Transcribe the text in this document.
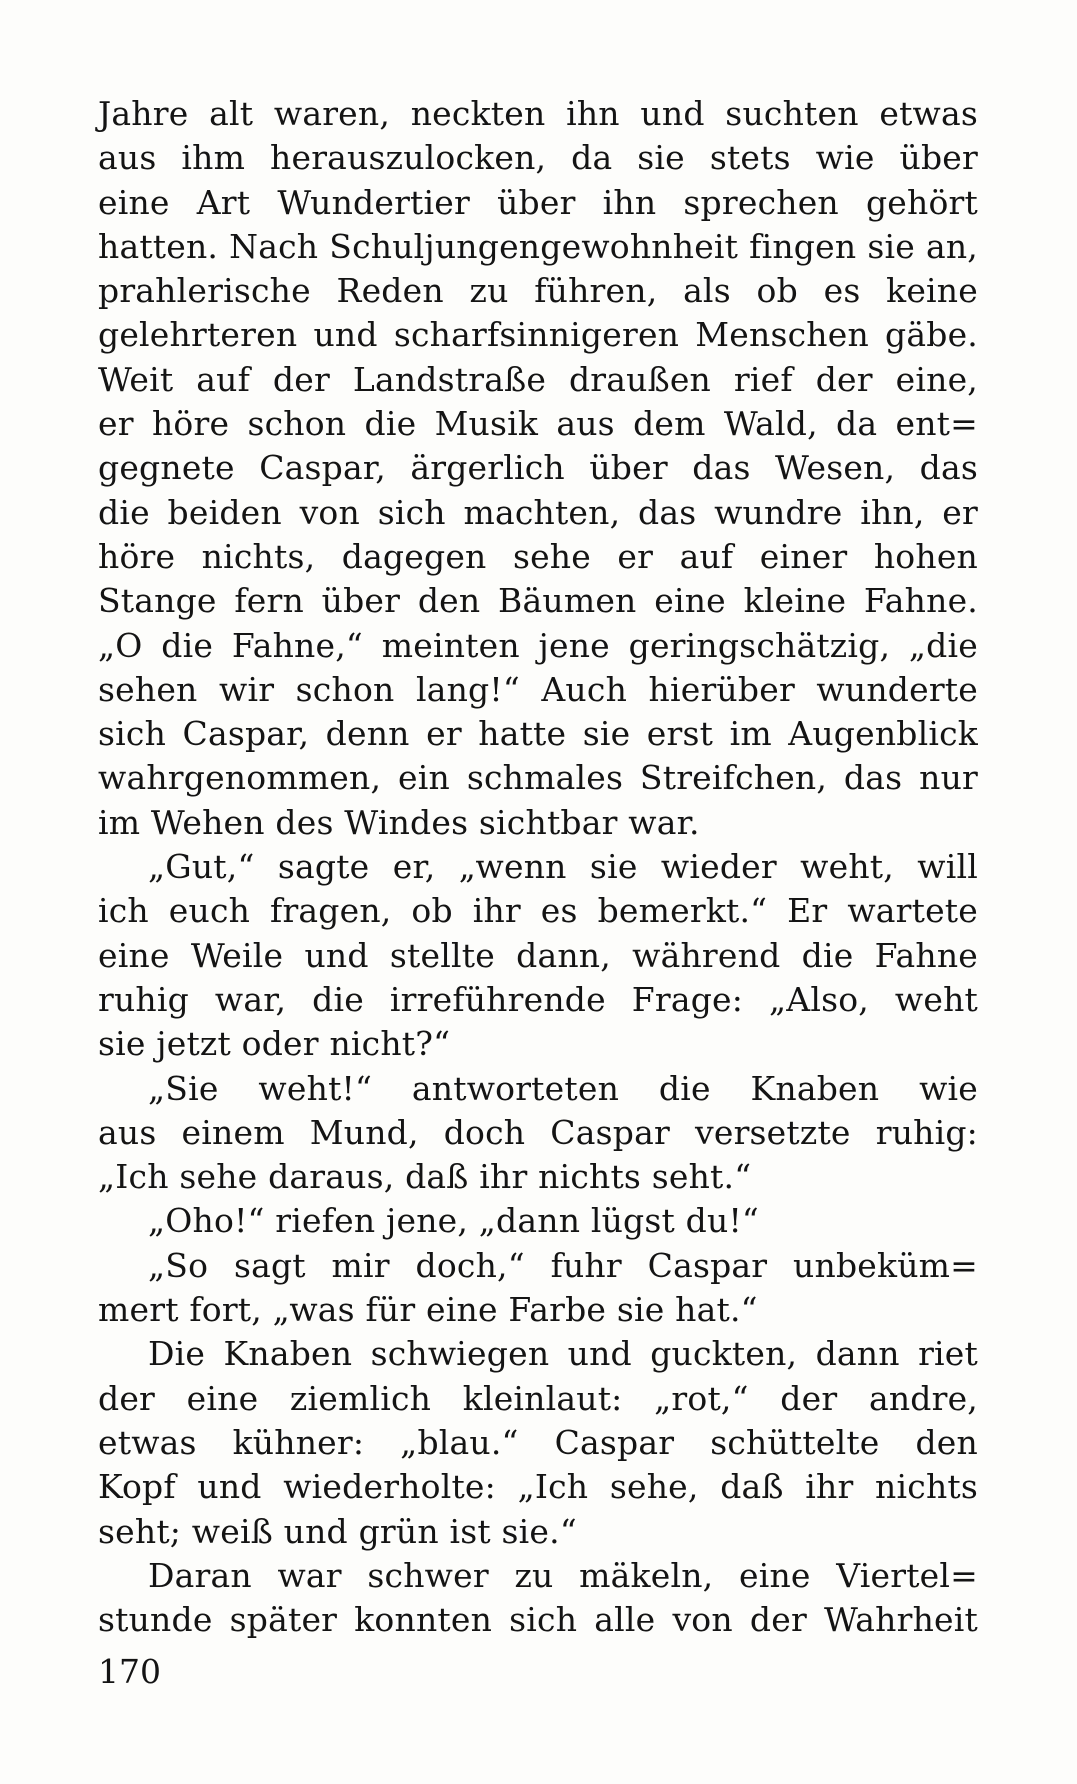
Jahre alt waren, neckten ihn und suchten etwas
aus ihm herauszulocken, da sie stets wie über
eine Art Wundertier über ihn sprechen gehört
hatten. Nach Schuljungengewohnheit fingen sie an,
prahlerische Reden zu führen, als ob es keine
gelehrteren und scharfsinnigeren Menschen gäbe.
Weit auf der Landstraße draußen rief der eine,
er höre schon die Musik aus dem Wald, da ent=
gegnete Caspar, ärgerlich über das Wesen, das
die beiden von sich machten, das wundre ihn, er
höre nichts, dagegen sehe er auf einer hohen
Stange fern über den Bäumen eine kleine Fahne.
„O die Fahne,“ meinten jene geringschätzig, „die
sehen wir schon lang!“ Auch hierüber wunderte
sich Caspar, denn er hatte sie erst im Augenblick
wahrgenommen, ein schmales Streifchen, das nur
im Wehen des Windes sichtbar war.
„Gut,“ sagte er, „wenn sie wieder weht, will
ich euch fragen, ob ihr es bemerkt.“ Er wartete
eine Weile und stellte dann, während die Fahne
ruhig war, die irreführende Frage: „Also, weht
sie jetzt oder nicht?“
„Sie weht!“ antworteten die Knaben wie
aus einem Mund, doch Caspar versetzte ruhig:
„Ich sehe daraus, daß ihr nichts seht.“
„Oho!“ riefen jene, „dann lügst du!“
„So sagt mir doch,“ fuhr Caspar unbeküm=
mert fort, „was für eine Farbe sie hat.“
Die Knaben schwiegen und guckten, dann riet
der eine ziemlich kleinlaut: „rot,“ der andre,
etwas kühner: „blau.“ Caspar schüttelte den
Kopf und wiederholte: „Ich sehe, daß ihr nichts
seht; weiß und grün ist sie.“
Daran war schwer zu mäkeln, eine Viertel=
stunde später konnten sich alle von der Wahrheit
170
